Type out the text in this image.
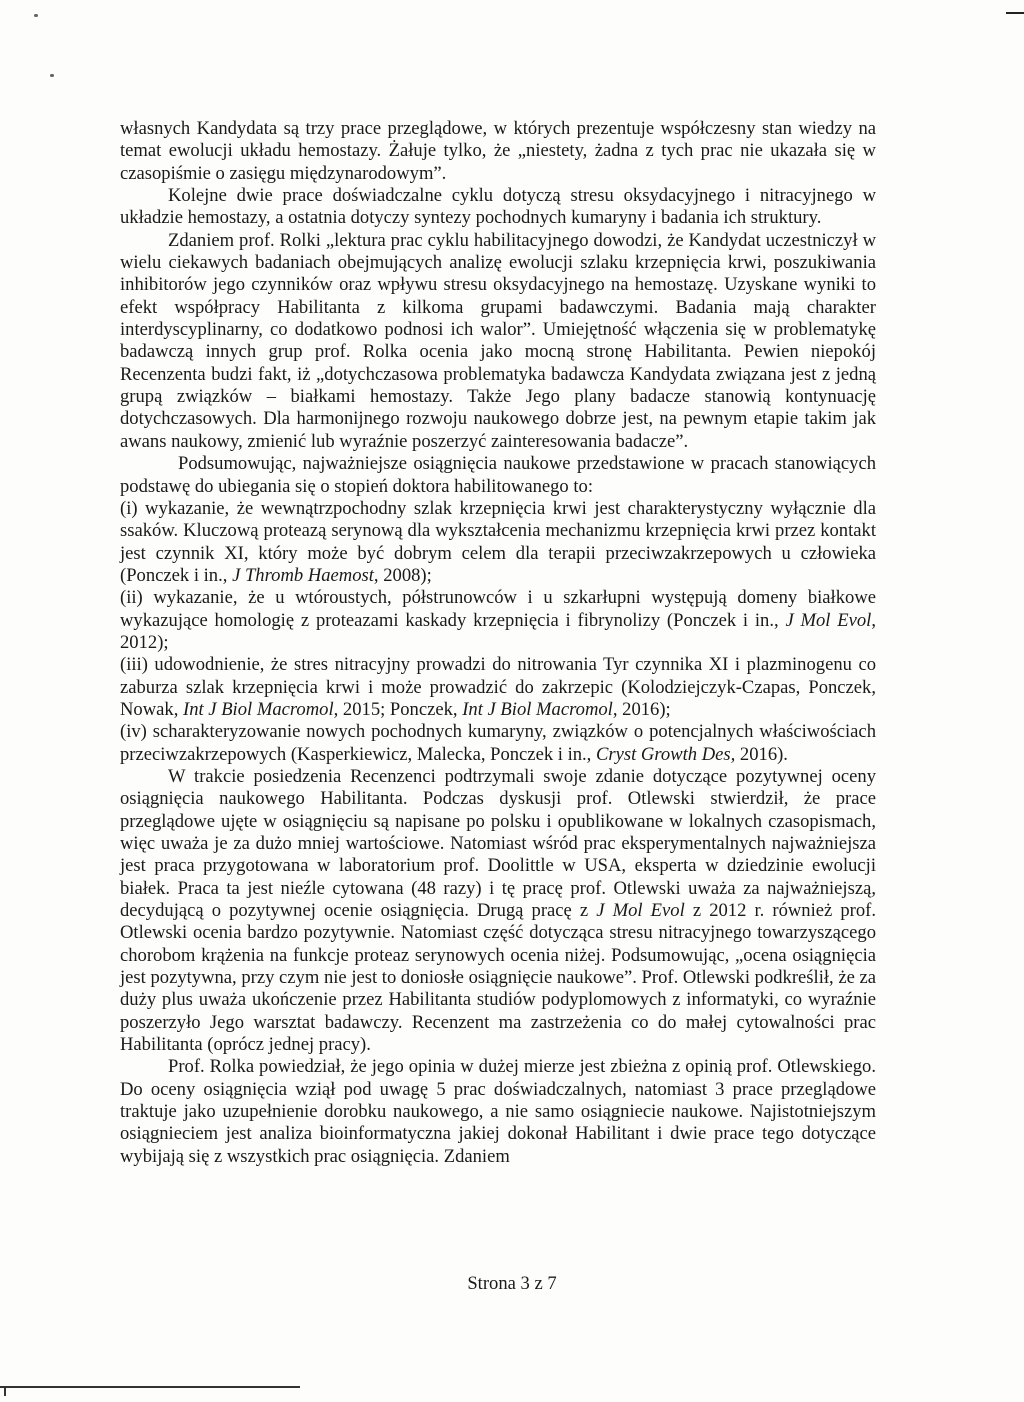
własnych Kandydata są trzy prace przeglądowe, w których prezentuje współczesny stan wiedzy na temat ewolucji układu hemostazy. Żałuje tylko, że „niestety, żadna z tych prac nie ukazała się w czasopiśmie o zasięgu międzynarodowym”.

Kolejne dwie prace doświadczalne cyklu dotyczą stresu oksydacyjnego i nitracyjnego w układzie hemostazy, a ostatnia dotyczy syntezy pochodnych kumaryny i badania ich struktury.

Zdaniem prof. Rolki „lektura prac cyklu habilitacyjnego dowodzi, że Kandydat uczestniczył w wielu ciekawych badaniach obejmujących analizę ewolucji szlaku krzepnięcia krwi, poszukiwania inhibitorów jego czynników oraz wpływu stresu oksydacyjnego na hemostazę. Uzyskane wyniki to efekt współpracy Habilitanta z kilkoma grupami badawczymi. Badania mają charakter interdyscyplinarny, co dodatkowo podnosi ich walor”. Umiejętność włączenia się w problematykę badawczą innych grup prof. Rolka ocenia jako mocną stronę Habilitanta. Pewien niepokój Recenzenta budzi fakt, iż „dotychczasowa problematyka badawcza Kandydata związana jest z jedną grupą związków – białkami hemostazy. Także Jego plany badacze stanowią kontynuację dotychczasowych. Dla harmonijnego rozwoju naukowego dobrze jest, na pewnym etapie takim jak awans naukowy, zmienić lub wyraźnie poszerzyć zainteresowania badacze”.

Podsumowując, najważniejsze osiągnięcia naukowe przedstawione w pracach stanowiących podstawę do ubiegania się o stopień doktora habilitowanego to:

(i) wykazanie, że wewnątrzpochodny szlak krzepnięcia krwi jest charakterystyczny wyłącznie dla ssaków. Kluczową proteazą serynową dla wykształcenia mechanizmu krzepnięcia krwi przez kontakt jest czynnik XI, który może być dobrym celem dla terapii przeciwzakrzepowych u człowieka (Ponczek i in., J Thromb Haemost, 2008);

(ii) wykazanie, że u wtóroustych, półstrunowców i u szkarłupni występują domeny białkowe wykazujące homologię z proteazami kaskady krzepnięcia i fibrynolizy (Ponczek i in., J Mol Evol, 2012);

(iii) udowodnienie, że stres nitracyjny prowadzi do nitrowania Tyr czynnika XI i plazminogenu co zaburza szlak krzepnięcia krwi i może prowadzić do zakrzepic (Kolodziejczyk-Czapas, Ponczek, Nowak, Int J Biol Macromol, 2015; Ponczek, Int J Biol Macromol, 2016);

(iv) scharakteryzowanie nowych pochodnych kumaryny, związków o potencjalnych właściwościach przeciwzakrzepowych (Kasperkiewicz, Malecka, Ponczek i in., Cryst Growth Des, 2016).

W trakcie posiedzenia Recenzenci podtrzymali swoje zdanie dotyczące pozytywnej oceny osiągnięcia naukowego Habilitanta. Podczas dyskusji prof. Otlewski stwierdził, że prace przeglądowe ujęte w osiągnięciu są napisane po polsku i opublikowane w lokalnych czasopismach, więc uważa je za dużo mniej wartościowe. Natomiast wśród prac eksperymentalnych najważniejsza jest praca przygotowana w laboratorium prof. Doolittle w USA, eksperta w dziedzinie ewolucji białek. Praca ta jest nieźle cytowana (48 razy) i tę pracę prof. Otlewski uważa za najważniejszą, decydującą o pozytywnej ocenie osiągnięcia. Drugą pracę z J Mol Evol z 2012 r. również prof. Otlewski ocenia bardzo pozytywnie. Natomiast część dotycząca stresu nitracyjnego towarzyszącego chorobom krążenia na funkcje proteaz serynowych ocenia niżej. Podsumowując, „ocena osiągnięcia jest pozytywna, przy czym nie jest to doniosłe osiągnięcie naukowe”. Prof. Otlewski podkreślił, że za duży plus uważa ukończenie przez Habilitanta studiów podyplomowych z informatyki, co wyraźnie poszerzyło Jego warsztat badawczy. Recenzent ma zastrzeżenia co do małej cytowalności prac Habilitanta (oprócz jednej pracy).

Prof. Rolka powiedział, że jego opinia w dużej mierze jest zbieżna z opinią prof. Otlewskiego. Do oceny osiągnięcia wziął pod uwagę 5 prac doświadczalnych, natomiast 3 prace przeglądowe traktuje jako uzupełnienie dorobku naukowego, a nie samo osiągniecie naukowe. Najistotniejszym osiągnieciem jest analiza bioinformatyczna jakiej dokonał Habilitant i dwie prace tego dotyczące wybijają się z wszystkich prac osiągnięcia. Zdaniem

Strona 3 z 7
